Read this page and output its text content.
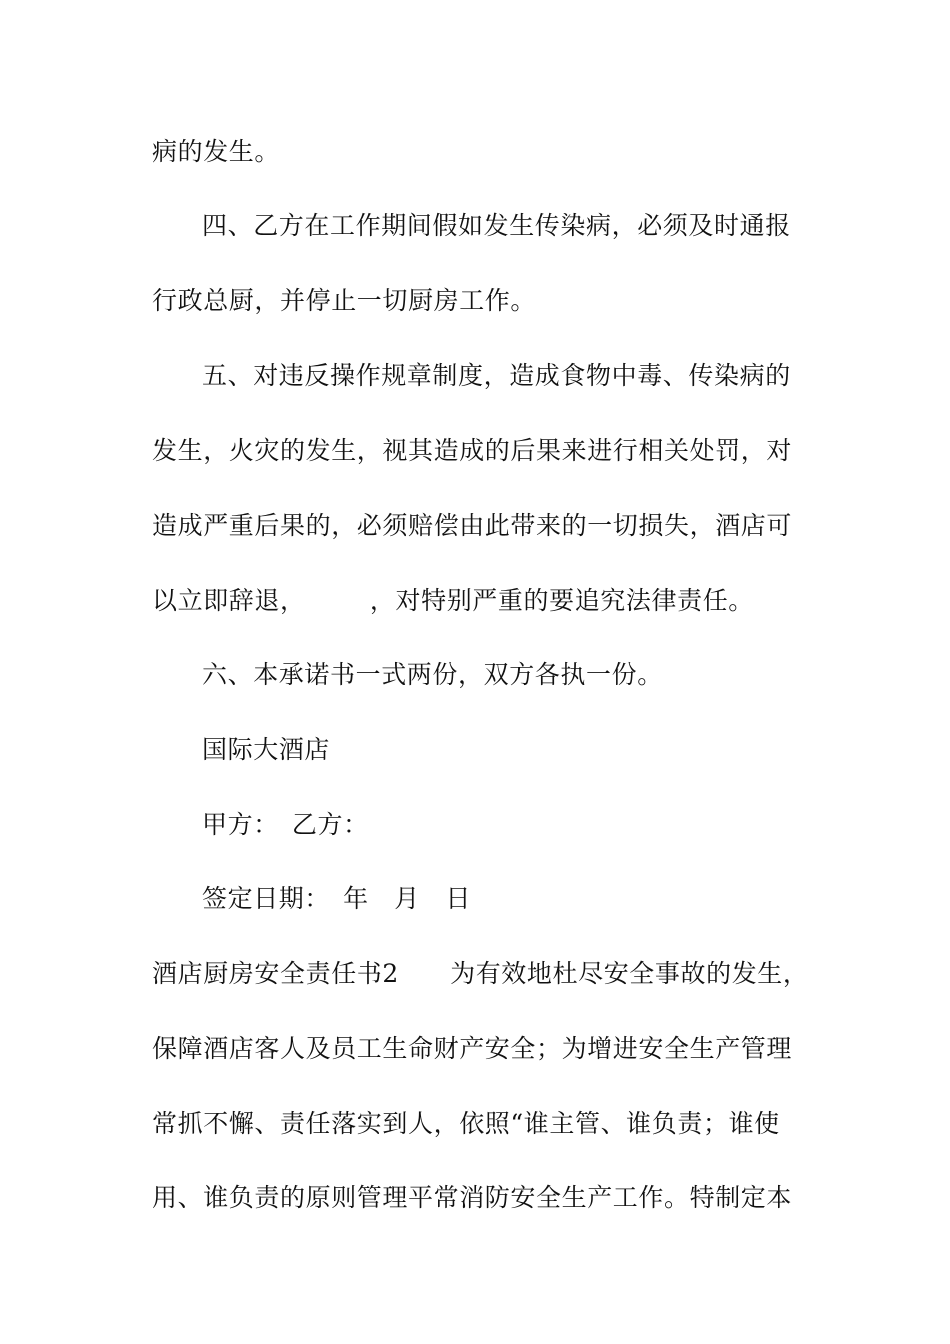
病的发生。
四、乙方在工作期间假如发生传染病，必须及时通报
行政总厨，并停止一切厨房工作。
五、对违反操作规章制度，造成食物中毒、传染病的
发生，火灾的发生，视其造成的后果来进行相关处罚，对
造成严重后果的，必须赔偿由此带来的一切损失，酒店可
以立即辞退，　　　，对特别严重的要追究法律责任。
六、本承诺书一式两份，双方各执一份。
国际大酒店
甲方：　乙方：
签定日期：　年　月　日
酒店厨房安全责任书2　　为有效地杜尽安全事故的发生，
保障酒店客人及员工生命财产安全；为增进安全生产管理
常抓不懈、责任落实到人，依照“谁主管、谁负责；谁使
用、谁负责的原则管理平常消防安全生产工作。特制定本
